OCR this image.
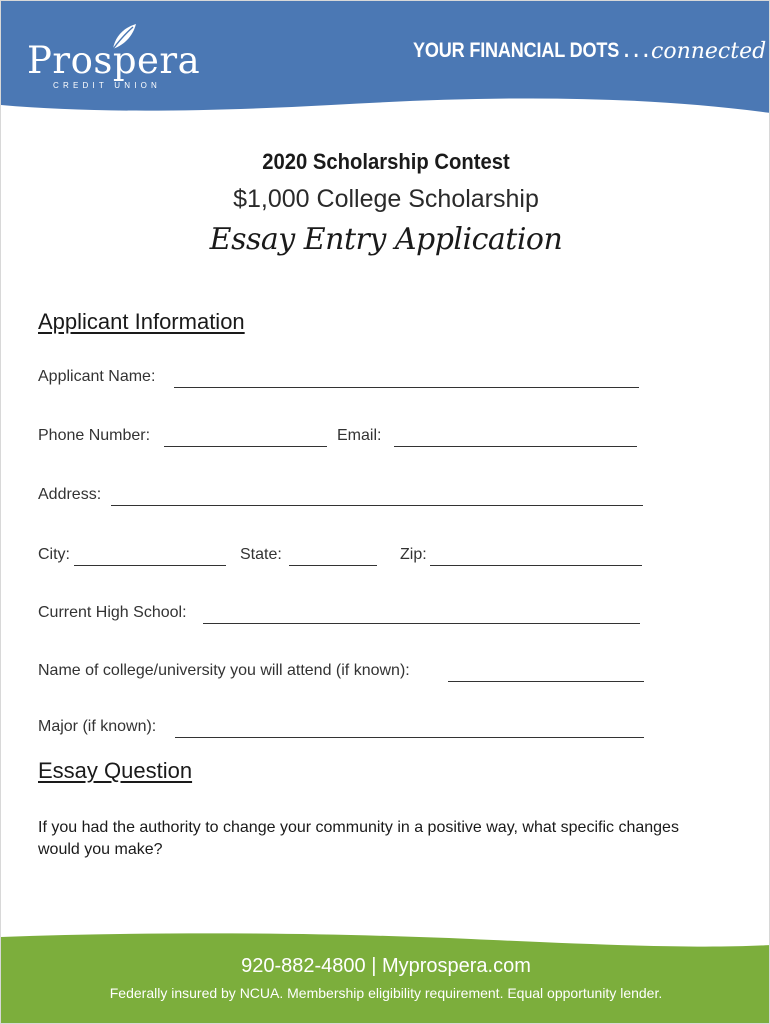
Prospera
CREDIT UNION
YOUR FINANCIAL DOTS . . . connected
2020 Scholarship Contest
$1,000 College Scholarship
Essay Entry Application
Applicant Information
Applicant Name:
Phone Number:	Email:
Address:
City:	State:	Zip:
Current High School:
Name of college/university you will attend (if known):
Major (if known):
Essay Question
If you had the authority to change your community in a positive way, what specific changes would you make?
920-882-4800 | Myprospera.com
Federally insured by NCUA. Membership eligibility requirement. Equal opportunity lender.
